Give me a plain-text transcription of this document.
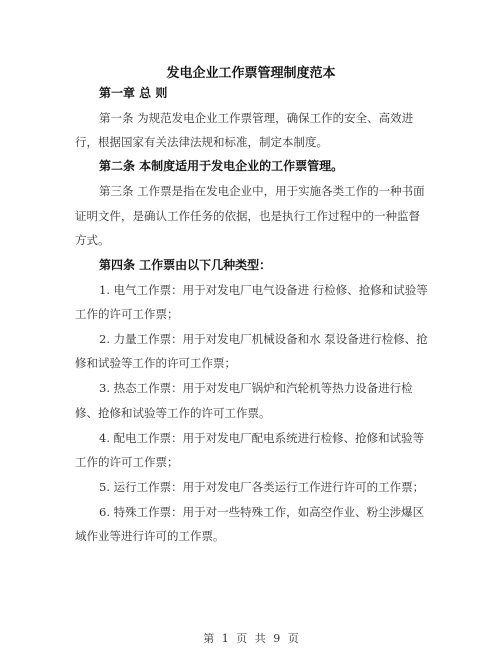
发电企业工作票管理制度范本
第一章 总 则
第一条 为规范发电企业工作票管理，确保工作的安全、高效进
行，根据国家有关法律法规和标准，制定本制度。
第二条 本制度适用于发电企业的工作票管理。
第三条 工作票是指在发电企业中，用于实施各类工作的一种书面
证明文件，是确认工作任务的依据，也是执行工作过程中的一种监督
方式。
第四条 工作票由以下几种类型：
1. 电气工作票：用于对发电厂电气设备进 行检修、抢修和试验等
工作的许可工作票；
2. 力量工作票：用于对发电厂机械设备和水 泵设备进行检修、抢
修和试验等工作的许可工作票；
3. 热态工作票：用于对发电厂锅炉和汽轮机等热力设备进行检
修、抢修和试验等工作的许可工作票。
4. 配电工作票：用于对发电厂配电系统进行检修、抢修和试验等
工作的许可工作票；
5. 运行工作票：用于对发电厂各类运行工作进行许可的工作票；
6. 特殊工作票：用于对一些特殊工作，如高空作业、粉尘涉爆区
域作业等进行许可的工作票。
第 1 页 共 9 页
